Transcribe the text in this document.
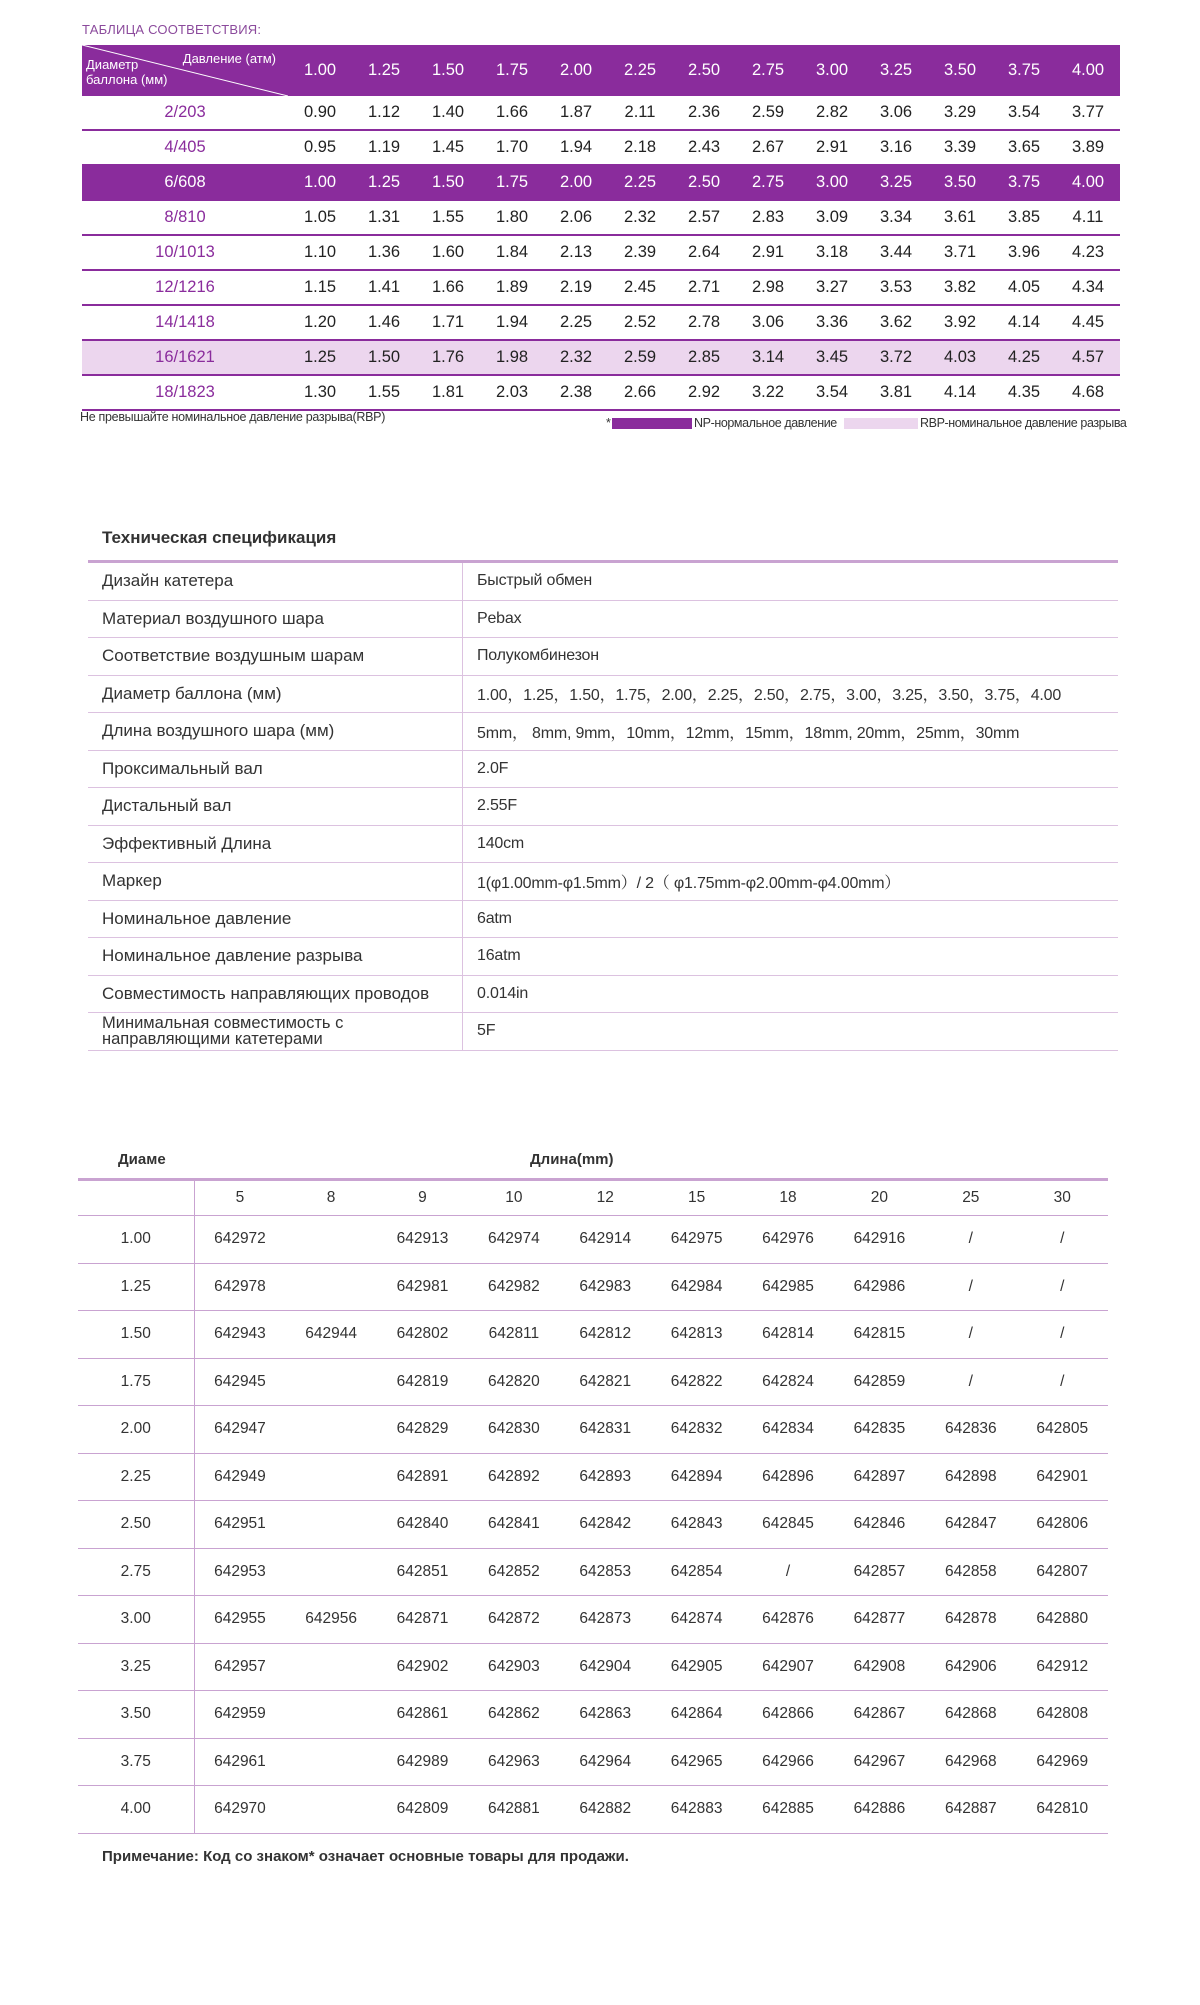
ТАБЛИЦА СООТВЕТСТВИЯ:
Давление (атм)
Диаметр
баллона (мм)	1.00	1.25	1.50	1.75	2.00	2.25	2.50	2.75	3.00	3.25	3.50	3.75	4.00
2/203	0.90	1.12	1.40	1.66	1.87	2.11	2.36	2.59	2.82	3.06	3.29	3.54	3.77
4/405	0.95	1.19	1.45	1.70	1.94	2.18	2.43	2.67	2.91	3.16	3.39	3.65	3.89
6/608	1.00	1.25	1.50	1.75	2.00	2.25	2.50	2.75	3.00	3.25	3.50	3.75	4.00
8/810	1.05	1.31	1.55	1.80	2.06	2.32	2.57	2.83	3.09	3.34	3.61	3.85	4.11
10/1013	1.10	1.36	1.60	1.84	2.13	2.39	2.64	2.91	3.18	3.44	3.71	3.96	4.23
12/1216	1.15	1.41	1.66	1.89	2.19	2.45	2.71	2.98	3.27	3.53	3.82	4.05	4.34
14/1418	1.20	1.46	1.71	1.94	2.25	2.52	2.78	3.06	3.36	3.62	3.92	4.14	4.45
16/1621	1.25	1.50	1.76	1.98	2.32	2.59	2.85	3.14	3.45	3.72	4.03	4.25	4.57
18/1823	1.30	1.55	1.81	2.03	2.38	2.66	2.92	3.22	3.54	3.81	4.14	4.35	4.68
Не превышайте номинальное давление разрыва(RBP)	*	NP-нормальное давление	RBP-номинальное давление разрыва
Техническая спецификация
Дизайн катетера	Быстрый обмен
Материал воздушного шара	Pebax
Соответствие воздушным шарам	Полукомбинезон
Диаметр баллона (мм)	1.00，1.25，1.50，1.75，2.00，2.25，2.50，2.75，3.00，3.25，3.50，3.75，4.00
Длина воздушного шара (мм)	5mm， 8mm, 9mm，10mm，12mm，15mm，18mm, 20mm，25mm，30mm
Проксимальный вал	2.0F
Дистальный вал	2.55F
Эффективный Длина	140cm
Маркер	1(φ1.00mm-φ1.5mm）/ 2（ φ1.75mm-φ2.00mm-φ4.00mm）
Номинальное давление	6atm
Номинальное давление разрыва	16atm
Совместимость направляющих проводов	0.014in
Минимальная совместимость с направляющими катетерами	5F
Диаме	Длина(mm)									
	5	8	9	10	12	15	18	20	25	30
1.00	642972		642913	642974	642914	642975	642976	642916	/	/
1.25	642978		642981	642982	642983	642984	642985	642986	/	/
1.50	642943	642944	642802	642811	642812	642813	642814	642815	/	/
1.75	642945		642819	642820	642821	642822	642824	642859	/	/
2.00	642947		642829	642830	642831	642832	642834	642835	642836	642805
2.25	642949		642891	642892	642893	642894	642896	642897	642898	642901
2.50	642951		642840	642841	642842	642843	642845	642846	642847	642806
2.75	642953		642851	642852	642853	642854	/	642857	642858	642807
3.00	642955	642956	642871	642872	642873	642874	642876	642877	642878	642880
3.25	642957		642902	642903	642904	642905	642907	642908	642906	642912
3.50	642959		642861	642862	642863	642864	642866	642867	642868	642808
3.75	642961		642989	642963	642964	642965	642966	642967	642968	642969
4.00	642970		642809	642881	642882	642883	642885	642886	642887	642810
Примечание: Код со знаком* означает основные товары для продажи.
